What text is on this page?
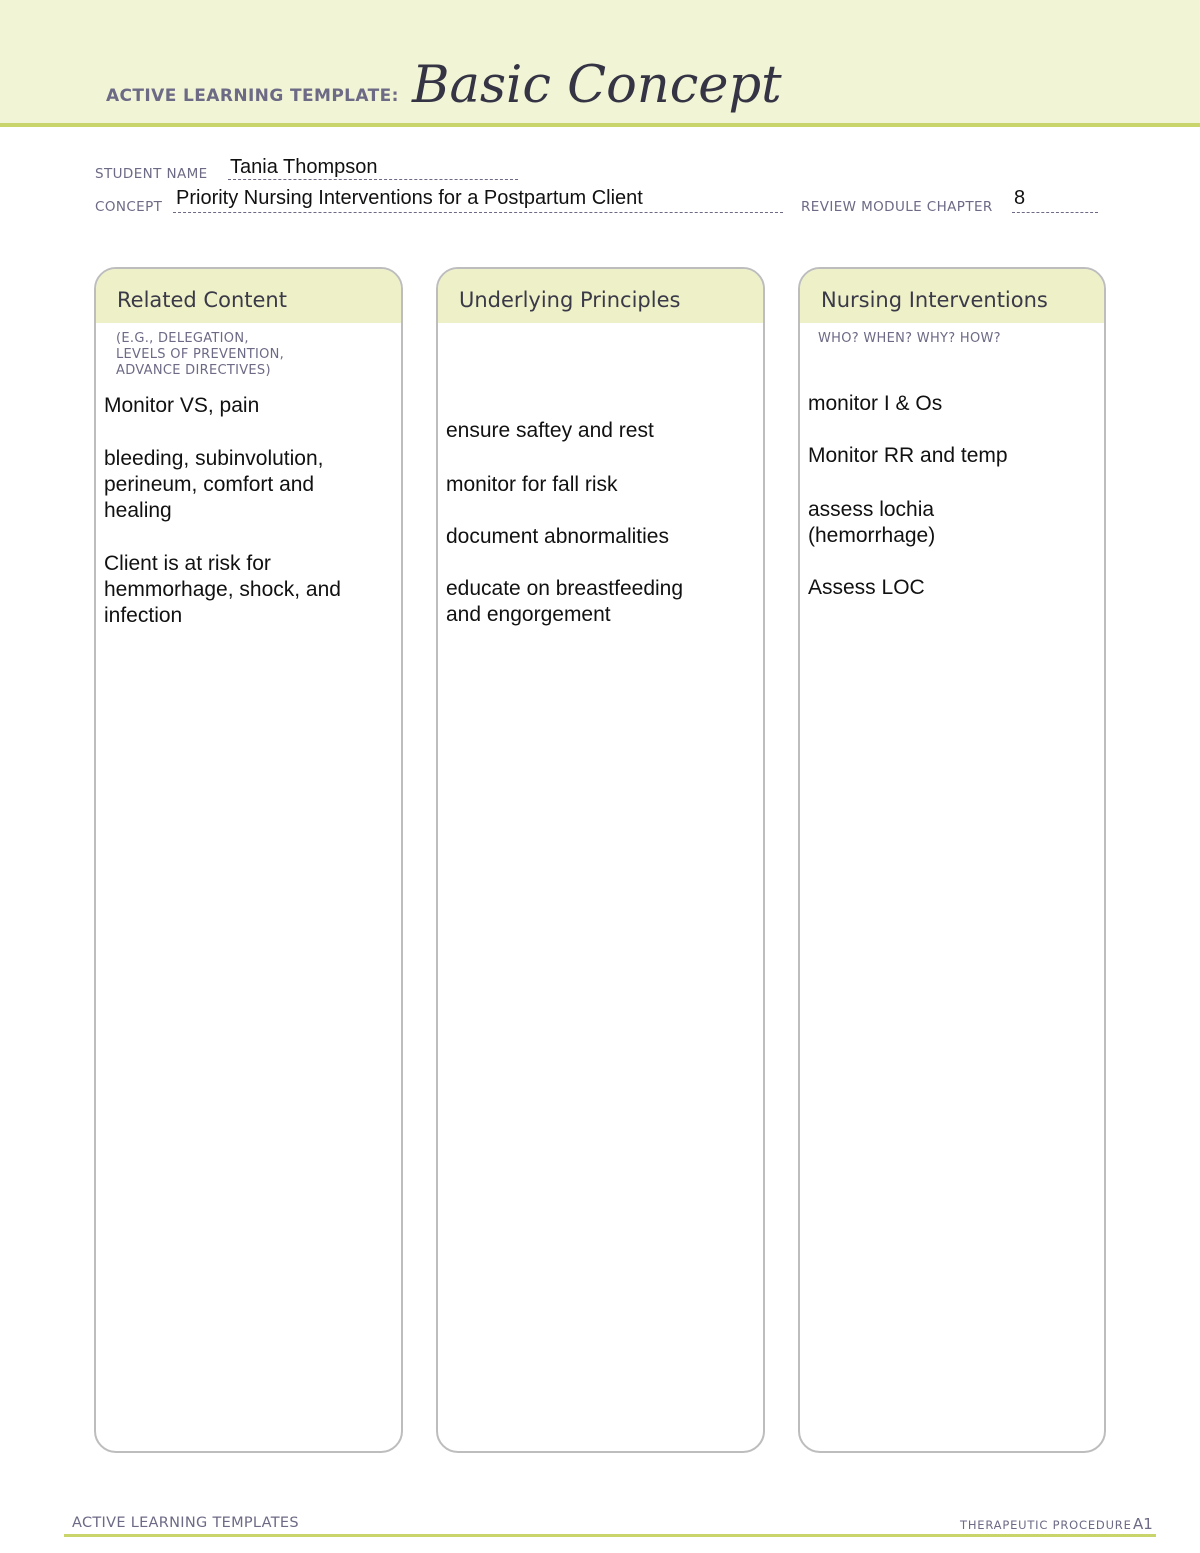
ACTIVE LEARNING TEMPLATE: Basic Concept
STUDENT NAME Tania Thompson
CONCEPT Priority Nursing Interventions for a Postpartum Client	REVIEW MODULE CHAPTER 8
Related Content
(E.G., DELEGATION,
LEVELS OF PREVENTION,
ADVANCE DIRECTIVES)
Monitor VS, pain
bleeding, subinvolution,
perineum, comfort and
healing
Client is at risk for
hemmorhage, shock, and
infection
Underlying Principles
ensure saftey and rest
monitor for fall risk
document abnormalities
educate on breastfeeding
and engorgement
Nursing Interventions
WHO? WHEN? WHY? HOW?
monitor I & Os
Monitor RR and temp
assess lochia
(hemorrhage)
Assess LOC
ACTIVE LEARNING TEMPLATES	THERAPEUTIC PROCEDURE A1
